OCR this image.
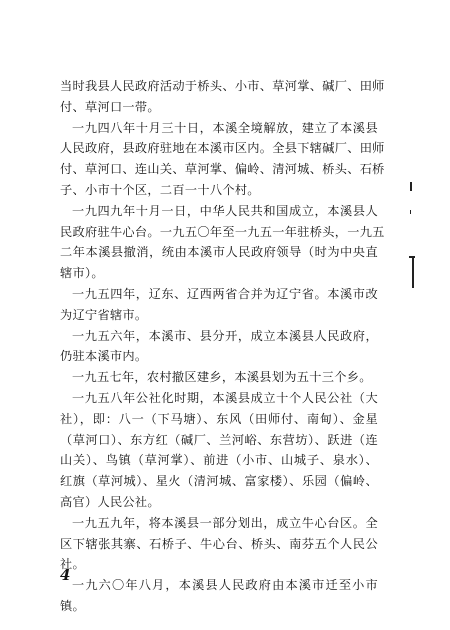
当时我县人民政府活动于桥头、小市、草河掌、碱厂、田师
付、草河口一带。
一九四八年十月三十日，本溪全境解放，建立了本溪县
人民政府，县政府驻地在本溪市区内。全县下辖碱厂、田师
付、草河口、连山关、草河掌、偏岭、清河城、桥头、石桥
子、小市十个区，二百一十八个村。
一九四九年十月一日，中华人民共和国成立，本溪县人
民政府驻牛心台。一九五〇年至一九五一年驻桥头，一九五
二年本溪县撤消，统由本溪市人民政府领导（时为中央直
辖市）。
一九五四年，辽东、辽西两省合并为辽宁省。本溪市改
为辽宁省辖市。
一九五六年，本溪市、县分开，成立本溪县人民政府，
仍驻本溪市内。
一九五七年，农村撤区建乡，本溪县划为五十三个乡。
一九五八年公社化时期，本溪县成立十个人民公社（大
社），即：八一（下马塘）、东风（田师付、南甸）、金星
（草河口）、东方红（碱厂、兰河峪、东营坊）、跃进（连
山关）、鸟镇（草河掌）、前进（小市、山城子、泉水）、
红旗（草河城）、星火（清河城、富家楼）、乐园（偏岭、
高官）人民公社。
一九五九年，将本溪县一部分划出，成立牛心台区。全
区下辖张其寨、石桥子、牛心台、桥头、南芬五个人民公
社。
一九六〇年八月，本溪县人民政府由本溪市迁至小市
镇。
4
